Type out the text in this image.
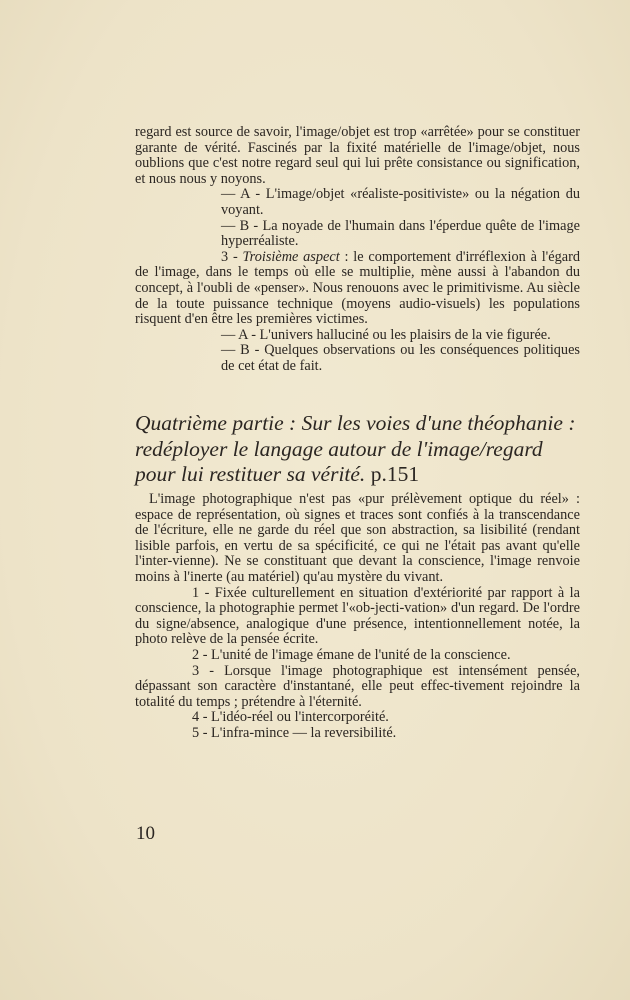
regard est source de savoir, l'image/objet est trop «arrêtée» pour se constituer garante de vérité. Fascinés par la fixité matérielle de l'image/objet, nous oublions que c'est notre regard seul qui lui prête consistance ou signification, et nous nous y noyons.

— A - L'image/objet «réaliste-positiviste» ou la négation du voyant.

— B - La noyade de l'humain dans l'éperdue quête de l'image hyperréaliste.

3 - Troisième aspect : le comportement d'irréflexion à l'égard de l'image, dans le temps où elle se multiplie, mène aussi à l'abandon du concept, à l'oubli de «penser». Nous renouons avec le primitivisme. Au siècle de la toute puissance technique (moyens audio-visuels) les populations risquent d'en être les premières victimes.

— A - L'univers halluciné ou les plaisirs de la vie figurée.

— B - Quelques observations ou les conséquences politiques de cet état de fait.

Quatrième partie : Sur les voies d'une théophanie : redéployer le langage autour de l'image/regard pour lui restituer sa vérité. p.151

L'image photographique n'est pas «pur prélèvement optique du réel» : espace de représentation, où signes et traces sont confiés à la transcendance de l'écriture, elle ne garde du réel que son abstraction, sa lisibilité (rendant lisible parfois, en vertu de sa spécificité, ce qui ne l'était pas avant qu'elle l'inter-vienne). Ne se constituant que devant la conscience, l'image renvoie moins à l'inerte (au matériel) qu'au mystère du vivant.

1 - Fixée culturellement en situation d'extériorité par rapport à la conscience, la photographie permet l'«ob-jecti-vation» d'un regard. De l'ordre du signe/absence, analogique d'une présence, intentionnellement notée, la photo relève de la pensée écrite.

2 - L'unité de l'image émane de l'unité de la conscience.

3 - Lorsque l'image photographique est intensément pensée, dépassant son caractère d'instantané, elle peut effec-tivement rejoindre la totalité du temps ; prétendre à l'éternité.

4 - L'idéo-réel ou l'intercorporéité.

5 - L'infra-mince — la reversibilité.

10
